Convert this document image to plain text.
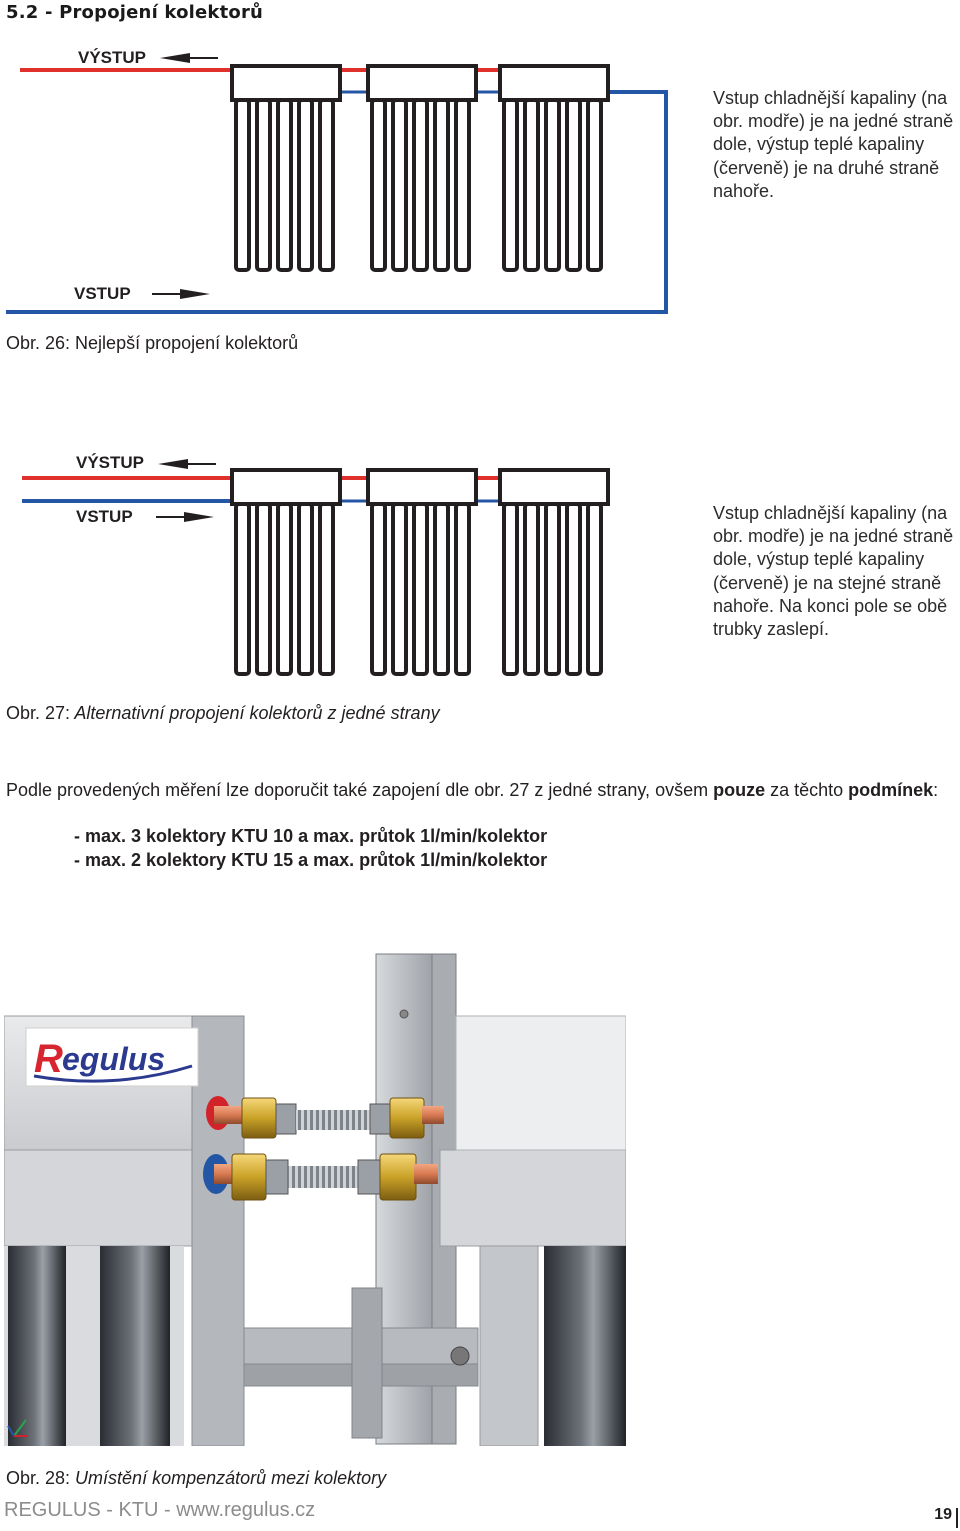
5.2 - Propojení kolektorů
VÝSTUP
VSTUP
Vstup chladnější kapaliny (na obr. modře) je na jedné straně dole, výstup teplé kapaliny (červeně) je na druhé straně nahoře.
Obr. 26: Nejlepší propojení kolektorů
VÝSTUP
VSTUP	Vstup chladnější kapaliny (na obr. modře) je na jedné straně dole, výstup teplé kapaliny (červeně) je na stejné straně nahoře. Na konci pole se obě trubky zaslepí.
Obr. 27: Alternativní propojení kolektorů z jedné strany
Podle provedených měření lze doporučit také zapojení dle obr. 27 z jedné strany, ovšem pouze za těchto podmínek:
- max. 3 kolektory KTU 10 a max. průtok 1l/min/kolektor
- max. 2 kolektory KTU 15 a max. průtok 1l/min/kolektor
R egulus
Obr. 28: Umístění kompenzátorů mezi kolektory
REGULUS - KTU - www.regulus.cz	19
